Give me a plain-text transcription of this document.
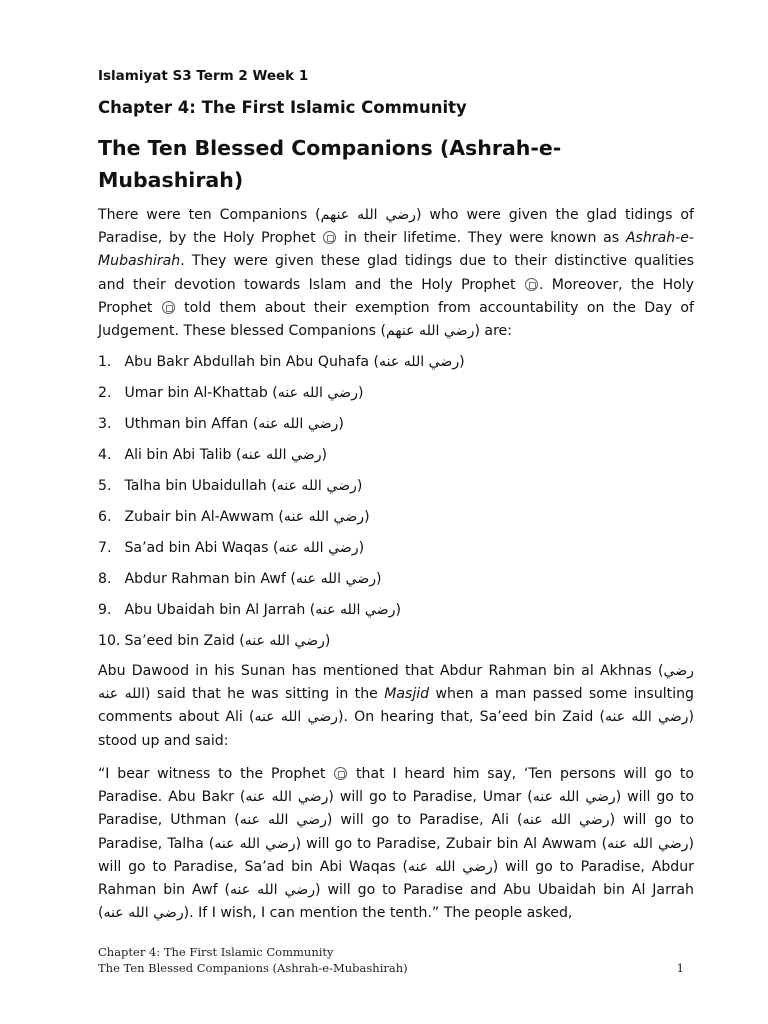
Islamiyat S3 Term 2 Week 1
Chapter 4: The First Islamic Community
The Ten Blessed Companions (Ashrah-e-Mubashirah)

There were ten Companions (رضي الله عنهم) who were given the glad tidings of Paradise, by the Holy Prophet  in their lifetime. They were known as Ashrah-e-Mubashirah. They were given these glad tidings due to their distinctive qualities and their devotion towards Islam and the Holy Prophet . Moreover, the Holy Prophet  told them about their exemption from accountability on the Day of Judgement. These blessed Companions (رضي الله عنهم) are:

1. Abu Bakr Abdullah bin Abu Quhafa (رضي الله عنه)
2. Umar bin Al-Khattab (رضي الله عنه)
3. Uthman bin Affan (رضي الله عنه)
4. Ali bin Abi Talib (رضي الله عنه)
5. Talha bin Ubaidullah (رضي الله عنه)
6. Zubair bin Al-Awwam (رضي الله عنه)
7. Sa’ad bin Abi Waqas (رضي الله عنه)
8. Abdur Rahman bin Awf (رضي الله عنه)
9. Abu Ubaidah bin Al Jarrah (رضي الله عنه)
10. Sa’eed bin Zaid (رضي الله عنه)

Abu Dawood in his Sunan has mentioned that Abdur Rahman bin al Akhnas (رضي الله عنه) said that he was sitting in the Masjid when a man passed some insulting comments about Ali (رضي الله عنه). On hearing that, Sa’eed bin Zaid (رضي الله عنه) stood up and said:

“I bear witness to the Prophet  that I heard him say, ‘Ten persons will go to Paradise. Abu Bakr (رضي الله عنه) will go to Paradise, Umar (رضي الله عنه) will go to Paradise, Uthman (رضي الله عنه) will go to Paradise, Ali (رضي الله عنه) will go to Paradise, Talha (رضي الله عنه) will go to Paradise, Zubair bin Al Awwam (رضي الله عنه) will go to Paradise, Sa’ad bin Abi Waqas (رضي الله عنه) will go to Paradise, Abdur Rahman bin Awf (رضي الله عنه) will go to Paradise and Abu Ubaidah bin Al Jarrah (رضي الله عنه). If I wish, I can mention the tenth.” The people asked,

Chapter 4: The First Islamic Community
The Ten Blessed Companions (Ashrah-e-Mubashirah)	1
